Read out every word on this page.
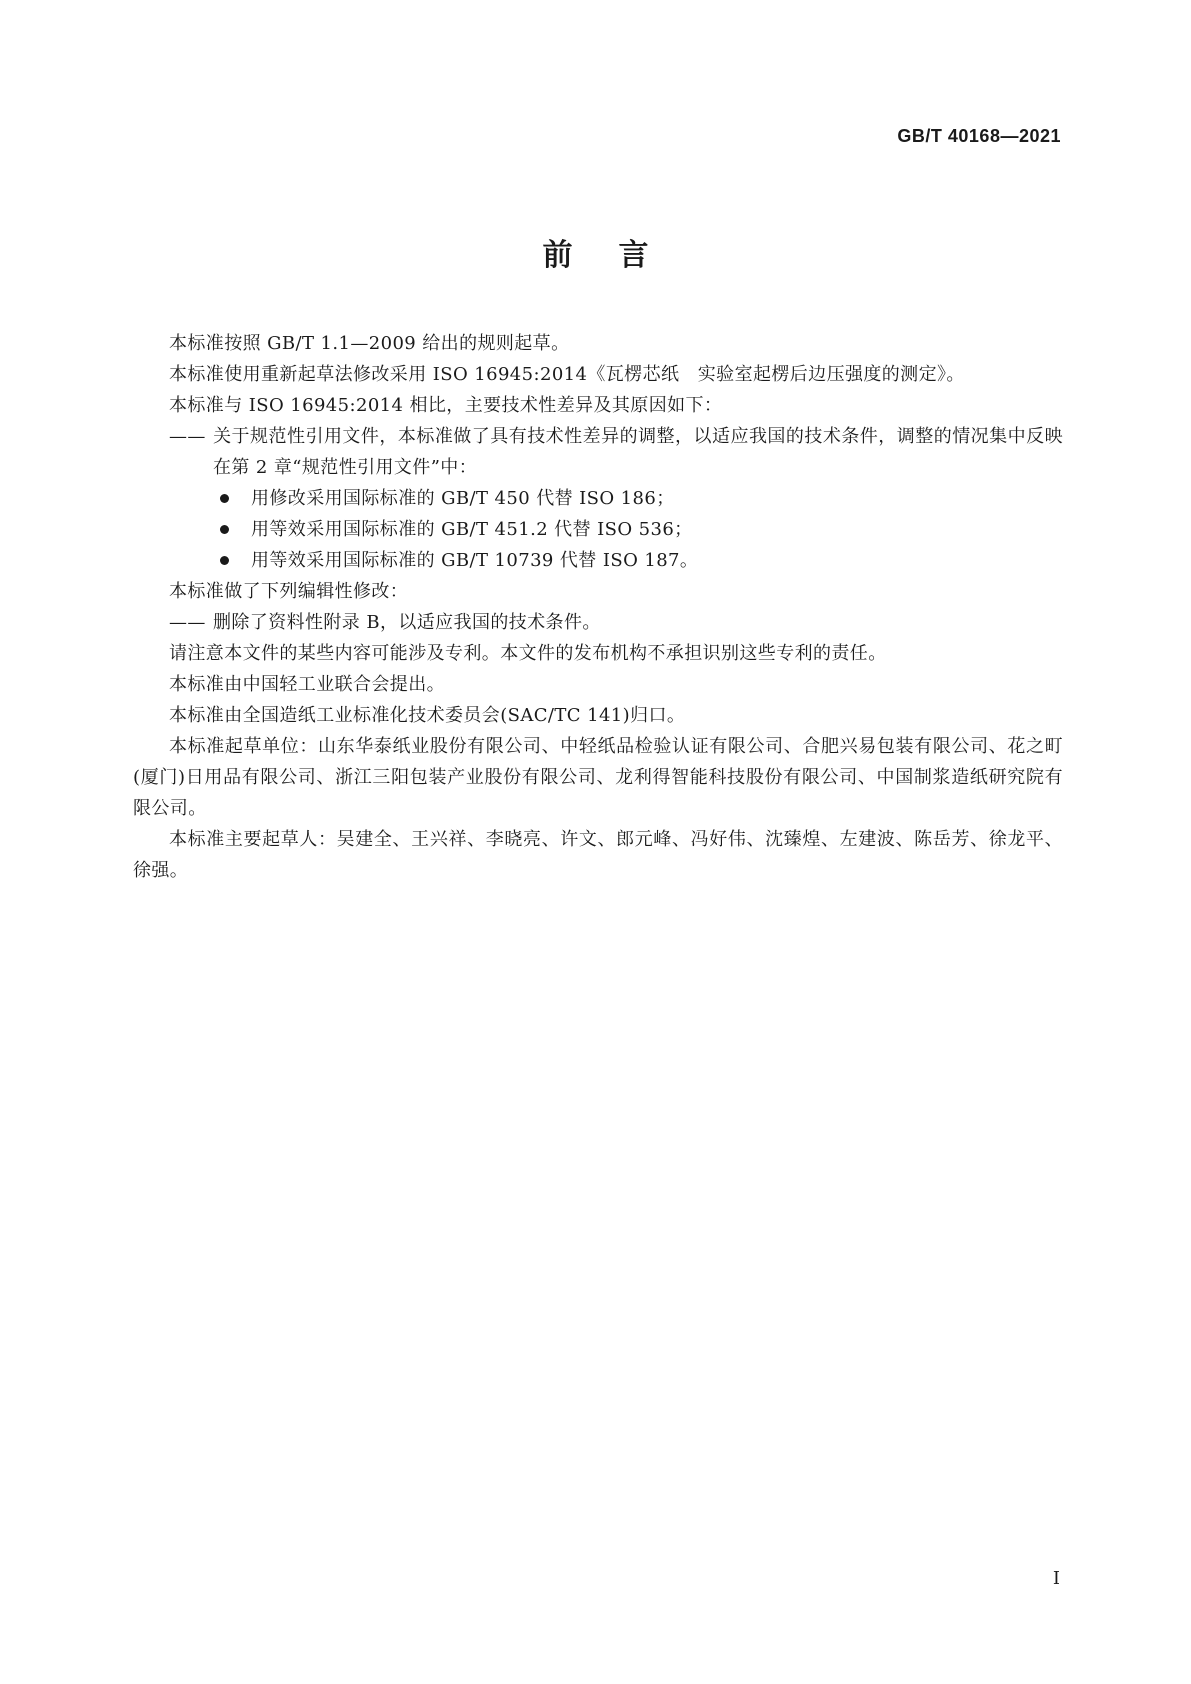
GB/T 40168—2021
前言

本标准按照 GB/T 1.1—2009 给出的规则起草。

本标准使用重新起草法修改采用 ISO 16945:2014《瓦楞芯纸　实验室起楞后边压强度的测定》。

本标准与 ISO 16945:2014 相比，主要技术性差异及其原因如下：

—— 关于规范性引用文件，本标准做了具有技术性差异的调整，以适应我国的技术条件，调整的情况集中反映在第 2 章“规范性引用文件”中：

用修改采用国际标准的 GB/T 450 代替 ISO 186；

用等效采用国际标准的 GB/T 451.2 代替 ISO 536；

用等效采用国际标准的 GB/T 10739 代替 ISO 187。

本标准做了下列编辑性修改：

—— 删除了资料性附录 B，以适应我国的技术条件。

请注意本文件的某些内容可能涉及专利。本文件的发布机构不承担识别这些专利的责任。

本标准由中国轻工业联合会提出。

本标准由全国造纸工业标准化技术委员会(SAC/TC 141)归口。

本标准起草单位：山东华泰纸业股份有限公司、中轻纸品检验认证有限公司、合肥兴易包装有限公司、花之町(厦门)日用品有限公司、浙江三阳包装产业股份有限公司、龙利得智能科技股份有限公司、中国制浆造纸研究院有限公司。

本标准主要起草人：吴建全、王兴祥、李晓亮、许文、郎元峰、冯好伟、沈臻煌、左建波、陈岳芳、徐龙平、徐强。

I
